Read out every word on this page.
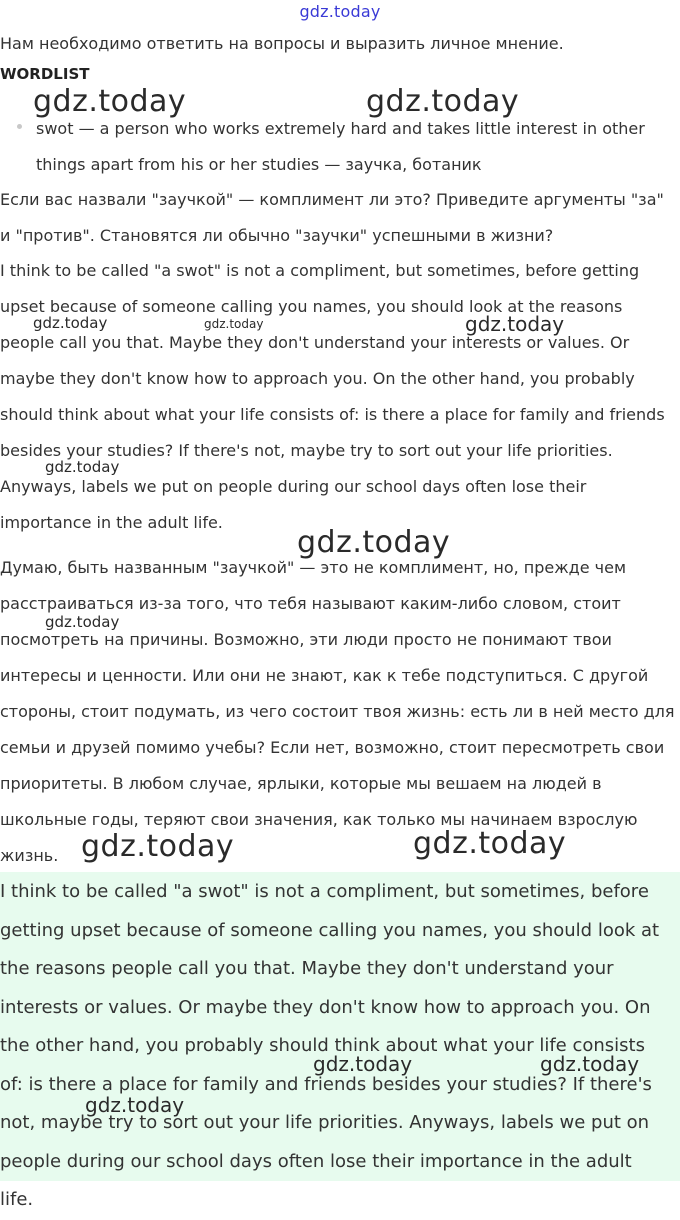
gdz.today

Нам необходимо ответить на вопросы и выразить личное мнение.

WORDLIST

swot — a person who works extremely hard and takes little interest in other things apart from his or her studies — заучка, ботаник

Если вас назвали "заучкой" — комплимент ли это? Приведите аргументы "за" и "против". Становятся ли обычно "заучки" успешными в жизни?

I think to be called "a swot" is not a compliment, but sometimes, before getting upset because of someone calling you names, you should look at the reasons people call you that. Maybe they don't understand your interests or values. Or maybe they don't know how to approach you. On the other hand, you probably should think about what your life consists of: is there a place for family and friends besides your studies? If there's not, maybe try to sort out your life priorities. Anyways, labels we put on people during our school days often lose their importance in the adult life.

Думаю, быть названным "заучкой" — это не комплимент, но, прежде чем расстраиваться из-за того, что тебя называют каким-либо словом, стоит посмотреть на причины. Возможно, эти люди просто не понимают твои интересы и ценности. Или они не знают, как к тебе подступиться. С другой стороны, стоит подумать, из чего состоит твоя жизнь: есть ли в ней место для семьи и друзей помимо учебы? Если нет, возможно, стоит пересмотреть свои приоритеты. В любом случае, ярлыки, которые мы вешаем на людей в школьные годы, теряют свои значения, как только мы начинаем взрослую жизнь.

I think to be called "a swot" is not a compliment, but sometimes, before getting upset because of someone calling you names, you should look at the reasons people call you that. Maybe they don't understand your interests or values. Or maybe they don't know how to approach you. On the other hand, you probably should think about what your life consists of: is there a place for family and friends besides your studies? If there's not, maybe try to sort out your life priorities. Anyways, labels we put on people during our school days often lose their importance in the adult life.

gdz.today	gdz.today
gdz.today	gdz.today	gdz.today
gdz.today
gdz.today
gdz.today
gdz.today	gdz.today
gdz.today	gdz.today
gdz.today
